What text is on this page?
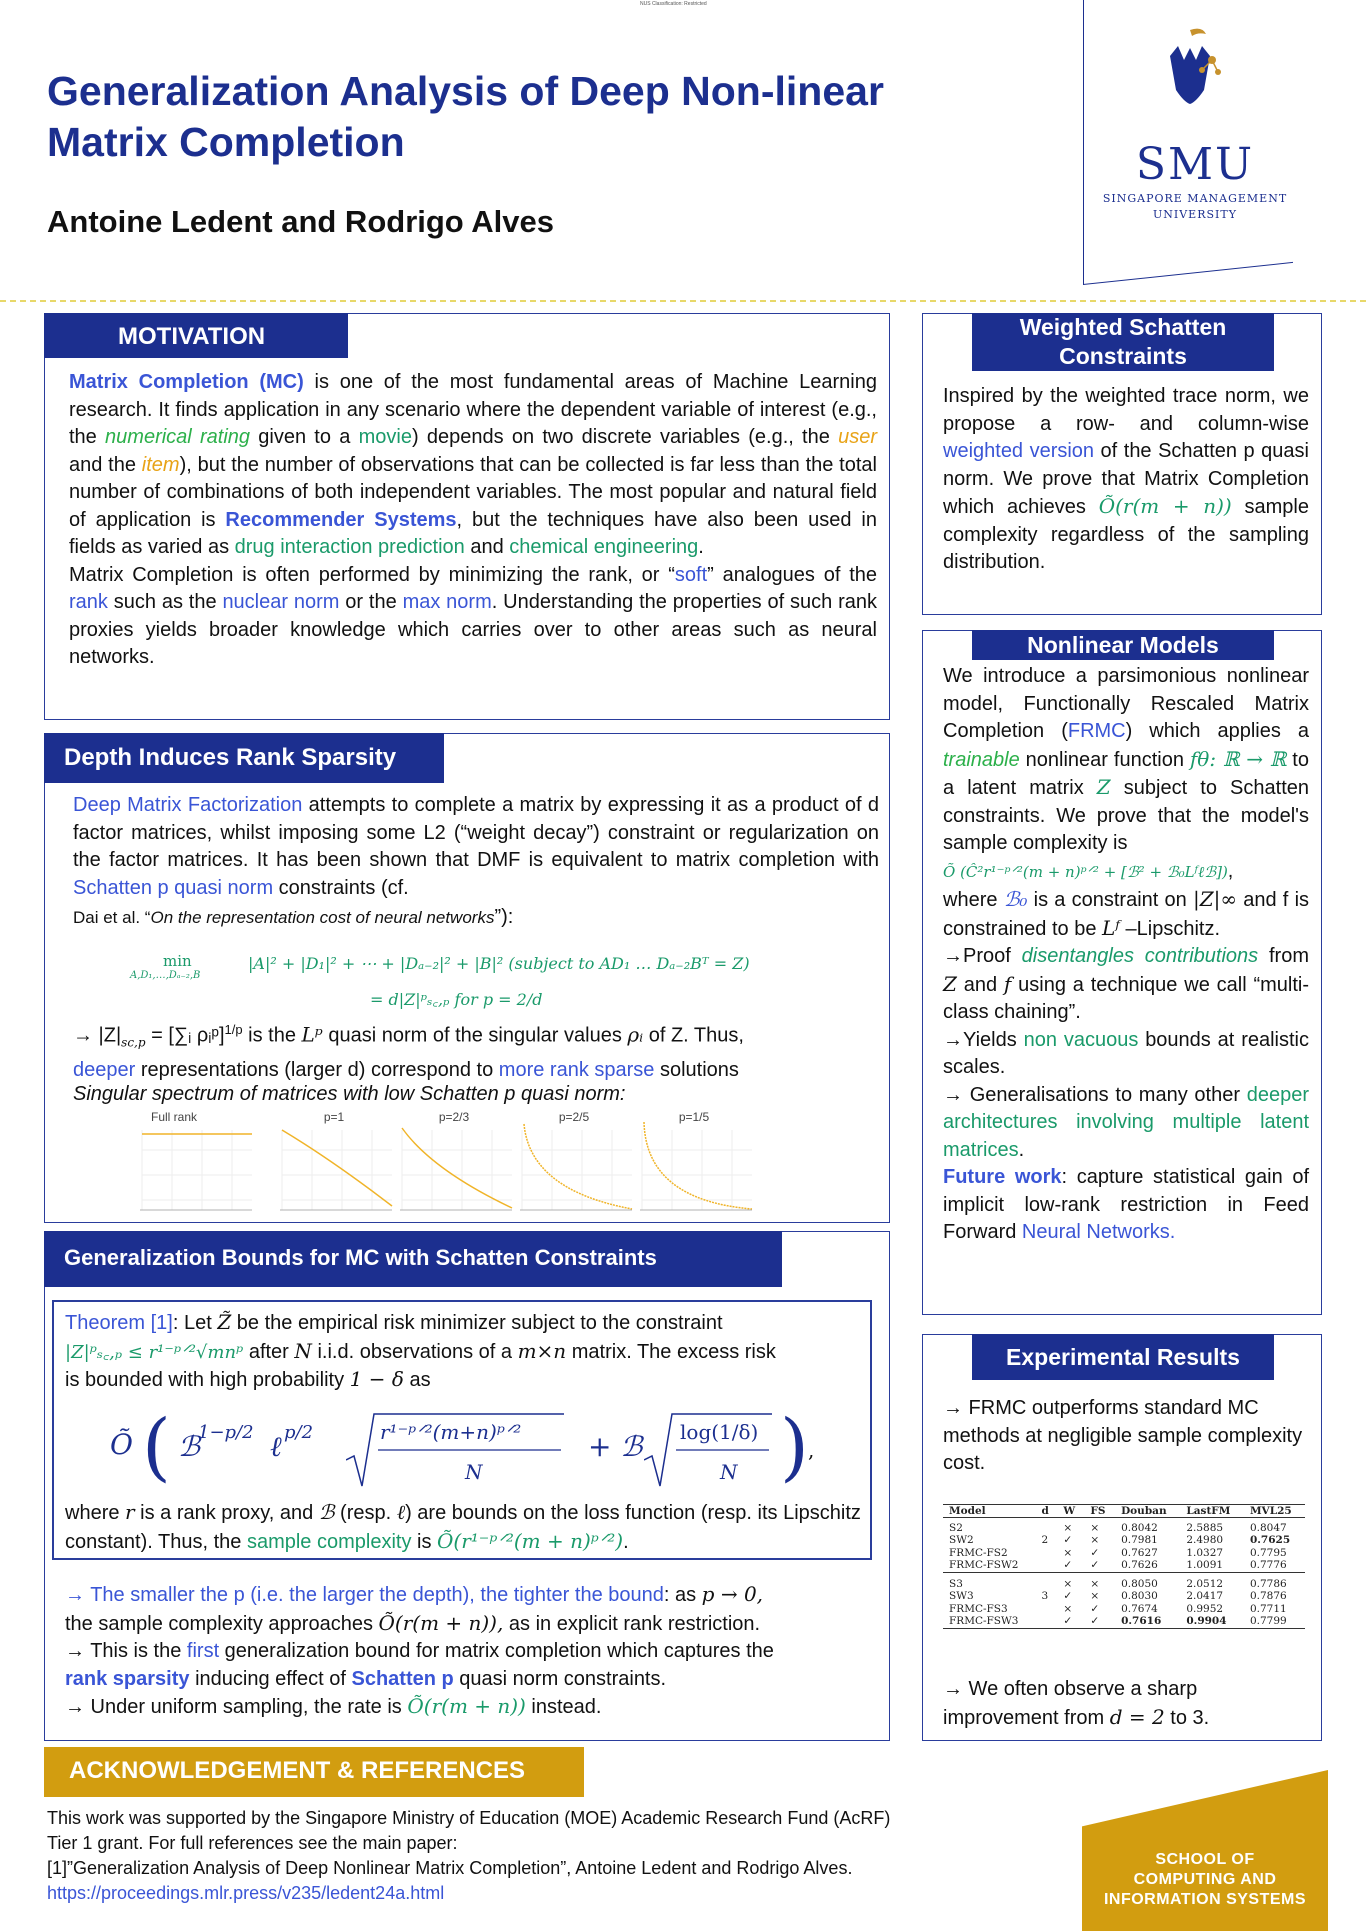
NUS Classification: Restricted
Generalization Analysis of Deep Non-linear Matrix Completion
Antoine Ledent and Rodrigo Alves
SMU
SINGAPORE MANAGEMENT
UNIVERSITY
MOTIVATION
Matrix Completion (MC) is one of the most fundamental areas of Machine Learning research. It finds application in any scenario where the dependent variable of interest (e.g., the numerical rating given to a movie) depends on two discrete variables (e.g., the user and the item), but the number of observations that can be collected is far less than the total number of combinations of both independent variables. The most popular and natural field of application is Recommender Systems, but the techniques have also been used in fields as varied as drug interaction prediction and chemical engineering.
Matrix Completion is often performed by minimizing the rank, or “soft” analogues of the rank such as the nuclear norm or the max norm. Understanding the properties of such rank proxies yields broader knowledge which carries over to other areas such as neural networks.
Depth Induces Rank Sparsity
Deep Matrix Factorization attempts to complete a matrix by expressing it as a product of d factor matrices, whilst imposing some L2 (“weight decay”) constraint or regularization on the factor matrices. It has been shown that DMF is equivalent to matrix completion with Schatten p quasi norm constraints (cf.
Dai et al. “On the representation cost of neural networks”):
min
A,D₁,…,Dₐ₋₂,B
|A|² + |D₁|² + ⋯ + |Dₐ₋₂|² + |B|² (subject to AD₁ … Dₐ₋₂Bᵀ = Z)
= d|Z|ᵖₛ꜀,ₚ for p = 2/d
→ $|Z|_{sc,p}$ = [∑ᵢ ρᵢᵖ]$^{1/p}$ is the Lᵖ quasi norm of the singular values ρᵢ of Z. Thus,
deeper representations (larger d) correspond to more rank sparse solutions
Singular spectrum of matrices with low Schatten p quasi norm:
Full rank	p=1	p=2/3	p=2/5	p=1/5
Generalization Bounds for MC with Schatten Constraints
Theorem [1]: Let Z̃ be the empirical risk minimizer subject to the constraint
|Z|ᵖₛ꜀,ₚ ≤ r¹⁻ᵖᐟ²√mnᵖ after N i.i.d. observations of a m×n matrix. The excess risk
is bounded with high probability 1 − δ as
Õ ( ℬ
1−p/2 ℓ p/2	r¹⁻ᵖᐟ²(m+n)ᵖᐟ²
N
+ ℬ log(1/δ)
N ) ,
where r is a rank proxy, and ℬ (resp. ℓ) are bounds on the loss function (resp. its Lipschitz constant). Thus, the sample complexity is Õ(r¹⁻ᵖᐟ²(m + n)ᵖᐟ²).
→ The smaller the p (i.e. the larger the depth), the tighter the bound: as p → 0,
the sample complexity approaches Õ(r(m + n)), as in explicit rank restriction.
→ This is the first generalization bound for matrix completion which captures the
rank sparsity inducing effect of Schatten p quasi norm constraints.
→ Under uniform sampling, the rate is Õ(r(m + n)) instead.
Weighted Schatten
Constraints
Inspired by the weighted trace norm, we propose a row- and column-wise weighted version of the Schatten p quasi norm. We prove that Matrix Completion which achieves Õ(r(m + n)) sample complexity regardless of the sampling distribution.
Nonlinear Models
We introduce a parsimonious nonlinear model, Functionally Rescaled Matrix Completion (FRMC) which applies a trainable nonlinear function fθ: ℝ → ℝ to a latent matrix Z subject to Schatten constraints. We prove that the model's sample complexity is
Õ (Ĉ²r¹⁻ᵖᐟ²(m + n)ᵖᐟ² + [ℬ² + ℬ₀Lᶠℓℬ]),
where ℬ₀ is a constraint on |Z|∞ and f is constrained to be Lᶠ –Lipschitz.
→Proof disentangles contributions from Z and f using a technique we call “multi-class chaining”.
→Yields non vacuous bounds at realistic scales.
→ Generalisations to many other deeper architectures involving multiple latent matrices.
Future work: capture statistical gain of implicit low-rank restriction in Feed Forward Neural Networks.
Experimental Results
→ FRMC outperforms standard MC methods at negligible sample complexity cost.
Model	d	W	FS	Douban	LastFM	MVL25

S2		×	×	0.8042	2.5885	0.8047
SW2	2	✓	×	0.7981	2.4980	0.7625
FRMC-FS2		×	✓	0.7627	1.0327	0.7795
FRMC-FSW2		✓	✓	0.7626	1.0091	0.7776

S3		×	×	0.8050	2.0512	0.7786
SW3	3	✓	×	0.8030	2.0417	0.7876
FRMC-FS3		×	✓	0.7674	0.9952	0.7711
FRMC-FSW3		✓	✓	0.7616	0.9904	0.7799
→ We often observe a sharp improvement from d = 2 to 3.
ACKNOWLEDGEMENT & REFERENCES
This work was supported by the Singapore Ministry of Education (MOE) Academic Research Fund (AcRF)
Tier 1 grant. For full references see the main paper:
[1]”Generalization Analysis of Deep Nonlinear Matrix Completion”, Antoine Ledent and Rodrigo Alves.
https://proceedings.mlr.press/v235/ledent24a.html
SCHOOL OF
COMPUTING AND
INFORMATION SYSTEMS
